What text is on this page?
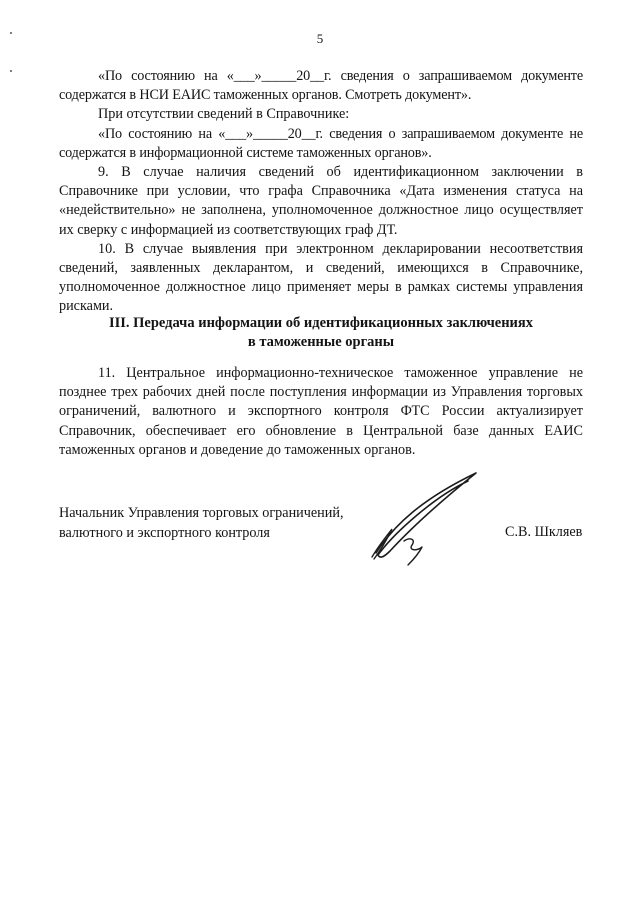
5

«По состоянию на «___»_____20__г. сведения о запрашиваемом документе содержатся в НСИ ЕАИС таможенных органов. Смотреть документ».

При отсутствии сведений в Справочнике:

«По состоянию на «___»_____20__г. сведения о запрашиваемом документе не содержатся в информационной системе таможенных органов».

9. В случае наличия сведений об идентификационном заключении в Справочнике при условии, что графа Справочника «Дата изменения статуса на «недействительно» не заполнена, уполномоченное должностное лицо осуществляет их сверку с информацией из соответствующих граф ДТ.

10. В случае выявления при электронном декларировании несоответствия сведений, заявленных декларантом, и сведений, имеющихся в Справочнике, уполномоченное должностное лицо применяет меры в рамках системы управления рисками.

III. Передача информации об идентификационных заключениях
в таможенные органы

11. Центральное информационно-техническое таможенное управление не позднее трех рабочих дней после поступления информации из Управления торговых ограничений, валютного и экспортного контроля ФТС России актуализирует Справочник, обеспечивает его обновление в Центральной базе данных ЕАИС таможенных органов и доведение до таможенных органов.

Начальник Управления торговых ограничений,
валютного и экспортного контроля	С.В. Шкляев
